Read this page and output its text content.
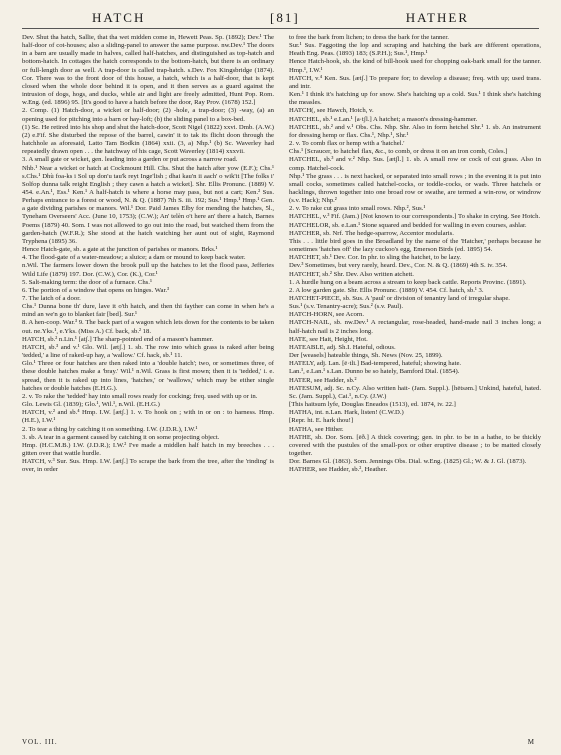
HATCH	[81]	HATHER

Dev. Shut tha hatch, Sallie, that tha wet midden come in, Hewett Peas. Sp. (1892); Dev.¹ The half-door of cot-houses; also a sliding-panel to answer the same purpose. nw.Dev.¹ The doors in a barn are usually made in halves, called half-hatches, and distinguished as top-hatch and bottom-hatch. In cottages the hatch corresponds to the bottom-hatch, but there is an ordinary or full-length door as well. A trap-door is called trap-hatch. s.Dev. Fox Kingsbridge (1874). Cor. There was to the front door of this house, a hatch, which is a half-door, that is kept closed when the whole door behind it is open, and it then serves as a guard against the intrusion of dogs, hogs, and ducks, while air and light are freely admitted, Hunt Pop. Rom. w.Eng. (ed. 1896) 95. [It's good to have a hatch before the door, Ray Prov. (1678) 152.]

2. Comp. (1) Hatch-door, a wicket or half-door; (2) -hole, a trap-door; (3) -way, (a) an opening used for pitching into a barn or hay-loft; (b) the sliding panel to a box-bed.

(1) Sc. He retired into his shop and shut the hatch-door, Scott Nigel (1822) xxvi. Dmb. (A.W.) (2) e.Fif. She disturbed the repose of the barrel, cawin' it to tak its flicht doon through the hatchhole as aforesaid, Latto Tam Bodkin (1864) xxii. (3, a) Nhp.¹ (b) Sc. Waverley had repeatedly drawn open . . . the hatchway of his cage, Scott Waverley (1814) xxxvii.

3. A small gate or wicket, gen. leading into a garden or put across a narrow road.

Nhb.¹ Near a wicket or hatch at Cockmount Hill. Chs. Shut the hatch after yow (E.F.); Chs.¹ s.Chs.¹ Dhù foa-ks i Sol up don'u tau'k reyt Inge'lish ; dhai kau'n ii aach' o wik'it [The folks i' Solfop dunna talk reight English ; they cawn a hatch a wicket]. Shr. Ellis Pronunc. (1889) V. 454. e.An.¹, Ess.¹ Ken.¹ A half-hatch is where a horse may pass, but not a cart; Ken.² Sus. Perhaps entrance to a forest or wood, N. & Q. (1887) 7th S. iii. 192; Sus.¹ Hmp.¹ Hmp.¹ Gen. a gate dividing parishes or manors. Wil.¹ Dor. Paid James Elby for mending the hatches, 5l., Tyneham Overseers' Acc. (June 10, 1753); (C.W.); An' telèn o't here an' there a hatch, Barnes Poems (1879) 40. Som. I was not allowed to go out into the road, but watched them from the garden-hatch (W.F.R.); She stood at the hatch watching her aunt out of sight, Raymond Tryphena (1895) 36.

Hence Hatch-gate, sb. a gate at the junction of parishes or manors. Brks.¹

4. The flood-gate of a water-meadow; a sluice; a dam or mound to keep back water.

n.Wil. The farmers lower down the brook pull up the hatches to let the flood pass, Jefferies Wild Life (1879) 197. Dor. (C.W.), Cor. (K.), Cor.¹

5. Salt-making term: the door of a furnace. Chs.¹

6. The portion of a window that opens on hinges. War.³

7. The latch of a door.

Chs.¹ Dunna bone th' dure, lave it o'th hatch, and then thi fayther can come in when he's a mind an we'n go to blanket fair [bed]. Sur.¹

8. A hen-coop. War.³ 9. The back part of a wagon which lets down for the contents to be taken out. ne.Yks.¹, e.Yks. (Miss A.) Cf. back, sb.² 18.

HATCH, sb.² n.Lin.¹ [atʃ.] The sharp-pointed end of a mason's hammer.

HATCH, sb.³ and v.¹ Glo. Wil. [ætʃ.] 1. sb. The row into which grass is raked after being 'tedded,' a line of raked-up hay, a 'wallow.' Cf. hack, sb.¹ 11.

Glo.¹ Three or four hatches are then raked into a 'double hatch'; two, or sometimes three, of these double hatches make a 'bray.' Wil.¹ n.Wil. Grass is first mown; then it is 'tedded,' i. e. spread, then it is raked up into lines, 'hatches,' or 'wallows,' which may be either single hatches or double hatches (E.H.G.).

2. v. To rake the 'tedded' hay into small rows ready for cocking; freq. used with up or in.

Glo. Lewis Gl. (1839); Glo.¹, Wil.¹, n.Wil. (E.H.G.)

HATCH, v.² and sb.⁴ Hmp. I.W. [ætʃ.] 1. v. To hook on ; with in or on : to harness. Hmp. (H.E.), I.W.¹

2. To tear a thing by catching it on something. I.W. (J.D.R.), I.W.¹

3. sb. A tear in a garment caused by catching it on some projecting object.

Hmp. (H.C.M.B.) I.W. (J.D.R.); I.W.² I've made a middlen half hatch in my breeches . . . gitten over that wattle hurdle.

HATCH, v.³ Sur. Sus. Hmp. I.W. [ætʃ.] To scrape the bark from the tree, after the 'rinding' is over, in order

to free the bark from lichen; to dress the bark for the tanner.

Sur.¹ Sus. Faggoting the lop and scraping and hatching the bark are different operations, Heath Eng. Peas. (1893) 183; (S.P.H.); Sus.¹, Hmp.¹

Hence Hatch-hook, sb. the kind of bill-hook used for chopping oak-bark small for the tanner. Hmp.¹, I.W.¹

HATCH, v.⁴ Ken. Sus. [ætʃ.] To prepare for; to develop a disease; freq. with up; used trans. and intr.

Ken.¹ I think it's hatching up for snow. She's hatching up a cold. Sus.¹ I think she's hatching the measles.

HATCH(, see Hawch, Hotch, v.

HATCHEL, sb.¹ e.Lan.¹ [a·tʃl.] A hatchet; a mason's dressing-hammer.

HATCHEL, sb.² and v.¹ Obs. Chs. Nhp. Shr. Also in form hetchel Shr.¹ 1. sb. An instrument for dressing hemp or flax. Chs.¹, Nhp.¹, Shr.¹

2. v. To comb flax or hemp with a 'hatchel.'

Chs.¹ [Scraucer, to hatchel flax, &c., to comb, or dress it on an iron comb, Coles.]

HATCHEL, sb.³ and v.² Nhp. Sus. [ætʃl.] 1. sb. A small row or cock of cut grass. Also in comp. Hatchel-cock.

Nhp.¹ The grass . . . is next hacked, or separated into small rows ; in the evening it is put into small cocks, sometimes called hatchel-cocks, or toddle-cocks, or wads. Three hatchels or hacklings, thrown together into one broad row or swathe, are termed a win-row, or windrow (s.v. Hack); Nhp.²

2. v. To rake cut grass into small rows. Nhp.², Sus.¹

HATCHEL, v.³ Fif. (Jam.) [Not known to our correspondents.] To shake in crying. See Hotch.

HATCHELOR, sb. e.Lan.¹ Stone squared and bedded for walling in even courses, ashlar.

HATCHER, sb. Nrf. The hedge-sparrow, Accentor modularis.

This . . . little bird goes in the Broadland by the name of the 'Hatcher,' perhaps because he sometimes 'hatches off' the lazy cuckoo's egg, Emerson Birds (ed. 1895) 54.

HATCHET, sb.¹ Dev. Cor. In phr. to sling the hatchet, to be lazy.

Dev.³ Sometimes, but very rarely, heard. Dev., Cor. N. & Q. (1869) 4th S. iv. 354.

HATCHET, sb.² Shr. Dev. Also written atchett.

1. A hurdle hung on a beam across a stream to keep back cattle. Reports Provinc. (1891).

2. A low garden gate. Shr. Ellis Pronunc. (1889) V. 454. Cf. hatch, sb.¹ 3.

HATCHET-PIECE, sb. Sus. A 'paul' or division of tenantry land of irregular shape.

Sus.¹ (s.v. Tenantry-acre); Sus.² (s.v. Paul).

HATCH-HORN, see Acorn.

HATCH-NAIL, sb. nw.Dev.¹ A rectangular, rose-headed, hand-made nail 3 inches long; a half-hatch nail is 2 inches long.

HATE, see Hait, Height, Hot.

HATEABLE, adj. Sh.I. Hateful, odious.

Der [weasels] hateable things, Sh. News (Nov. 25, 1899).

HATELY, adj. Lan. [ē·tli.] Bad-tempered, hateful; showing hate.

Lan.¹, e.Lan.¹ s.Lan. Dunno be so hately, Bamford Dial. (1854).

HATER, see Hadder, sb.²

HATESUM, adj. Sc. n.Cy. Also written hait- (Jam. Suppl.). [hētsəm.] Unkind, hateful, hated. Sc. (Jam. Suppl.), Cai.¹, n.Cy. (J.W.)

[This haitsum lyfe, Douglas Eneados (1513), ed. 1874, iv. 22.]

HATHA, int. n.Lan. Hark, listen! (C.W.D.)

[Repr. ht. E. hark thou!]

HATHA, see Hither.

HATHE, sb. Dor. Som. [ēð.] A thick covering; gen. in phr. to be in a hathe, to be thickly covered with the pustules of the small-pox or other eruptive disease ; to be matted closely together.

Dor. Barnes Gl. (1863). Som. Jennings Obs. Dial. w.Eng. (1825) Gl.; W. & J. Gl. (1873).

HATHER, see Hadder, sb.², Heather.

VOL. III.	M
